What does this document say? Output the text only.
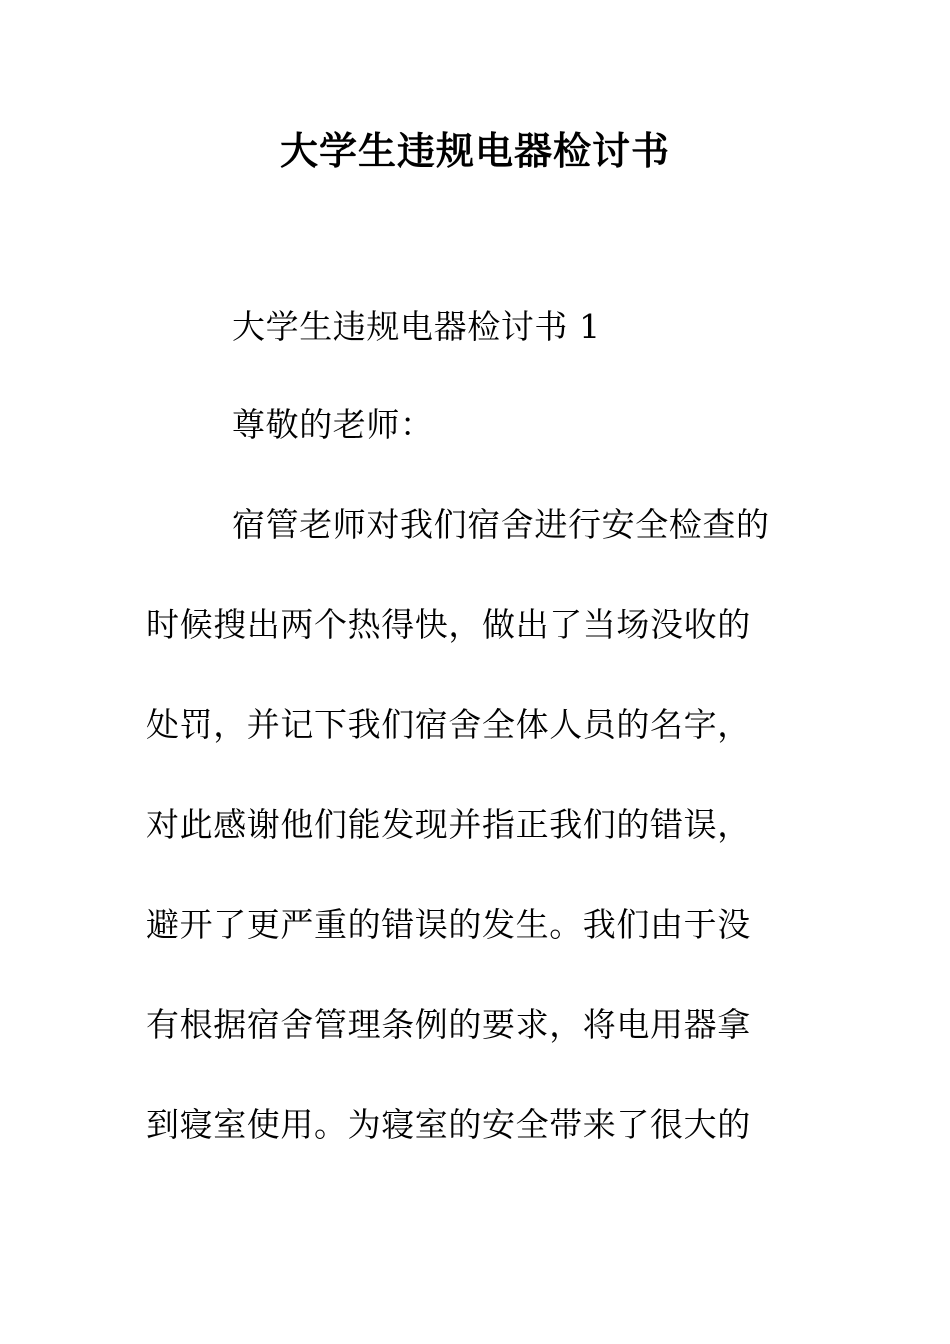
大学生违规电器检讨书
大学生违规电器检讨书 1
尊敬的老师：
宿管老师对我们宿舍进行安全检查的
时候搜出两个热得快，做出了当场没收的
处罚，并记下我们宿舍全体人员的名字，
对此感谢他们能发现并指正我们的错误，
避开了更严重的错误的发生。我们由于没
有根据宿舍管理条例的要求，将电用器拿
到寝室使用。为寝室的安全带来了很大的
